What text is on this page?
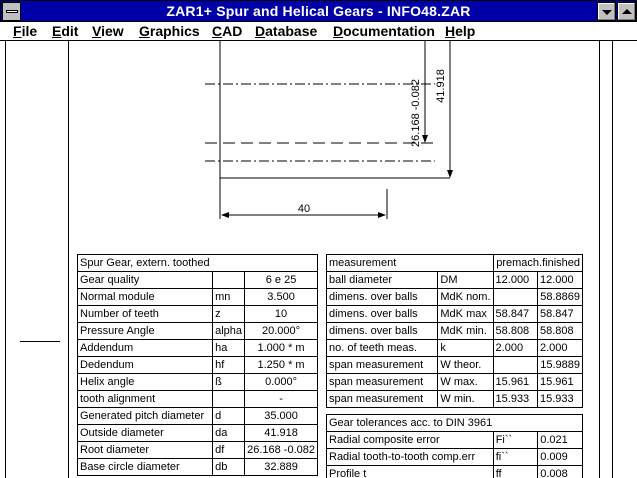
ZAR1+ Spur and Helical Gears - INFO48.ZAR
File Edit View Graphics CAD Database Documentation Help
26.168 -0.082 41.918
40
Spur Gear, extern. toothed		
Gear quality		6 e 25
Normal module	mn	3.500
Number of teeth	z	10
Pressure Angle	alpha	20.000°
Addendum	ha	1.000 * m
Dedendum	hf	1.250 * m
Helix angle	ß	0.000°
tooth alignment		-
Generated pitch diameter	d	35.000
Outside diameter	da	41.918
Root diameter	df	26.168 -0.082
Base circle diameter	db	32.889
measurement		premach.finished	
ball diameter	DM	12.000	12.000
dimens. over balls	MdK nom.		58.8869
dimens. over balls	MdK max	58.847	58.847
dimens. over balls	MdK min.	58.808	58.808
no. of teeth meas.	k	2.000	2.000
span measurement	W theor.		15.9889
span measurement	W max.	15.961	15.961
span measurement	W min.	15.933	15.933
Gear tolerances acc. to DIN 3961		
Radial composite error	Fi``	0.021
Radial tooth-to-tooth comp.err	fi``	0.009
Profile t	ff	0.008
